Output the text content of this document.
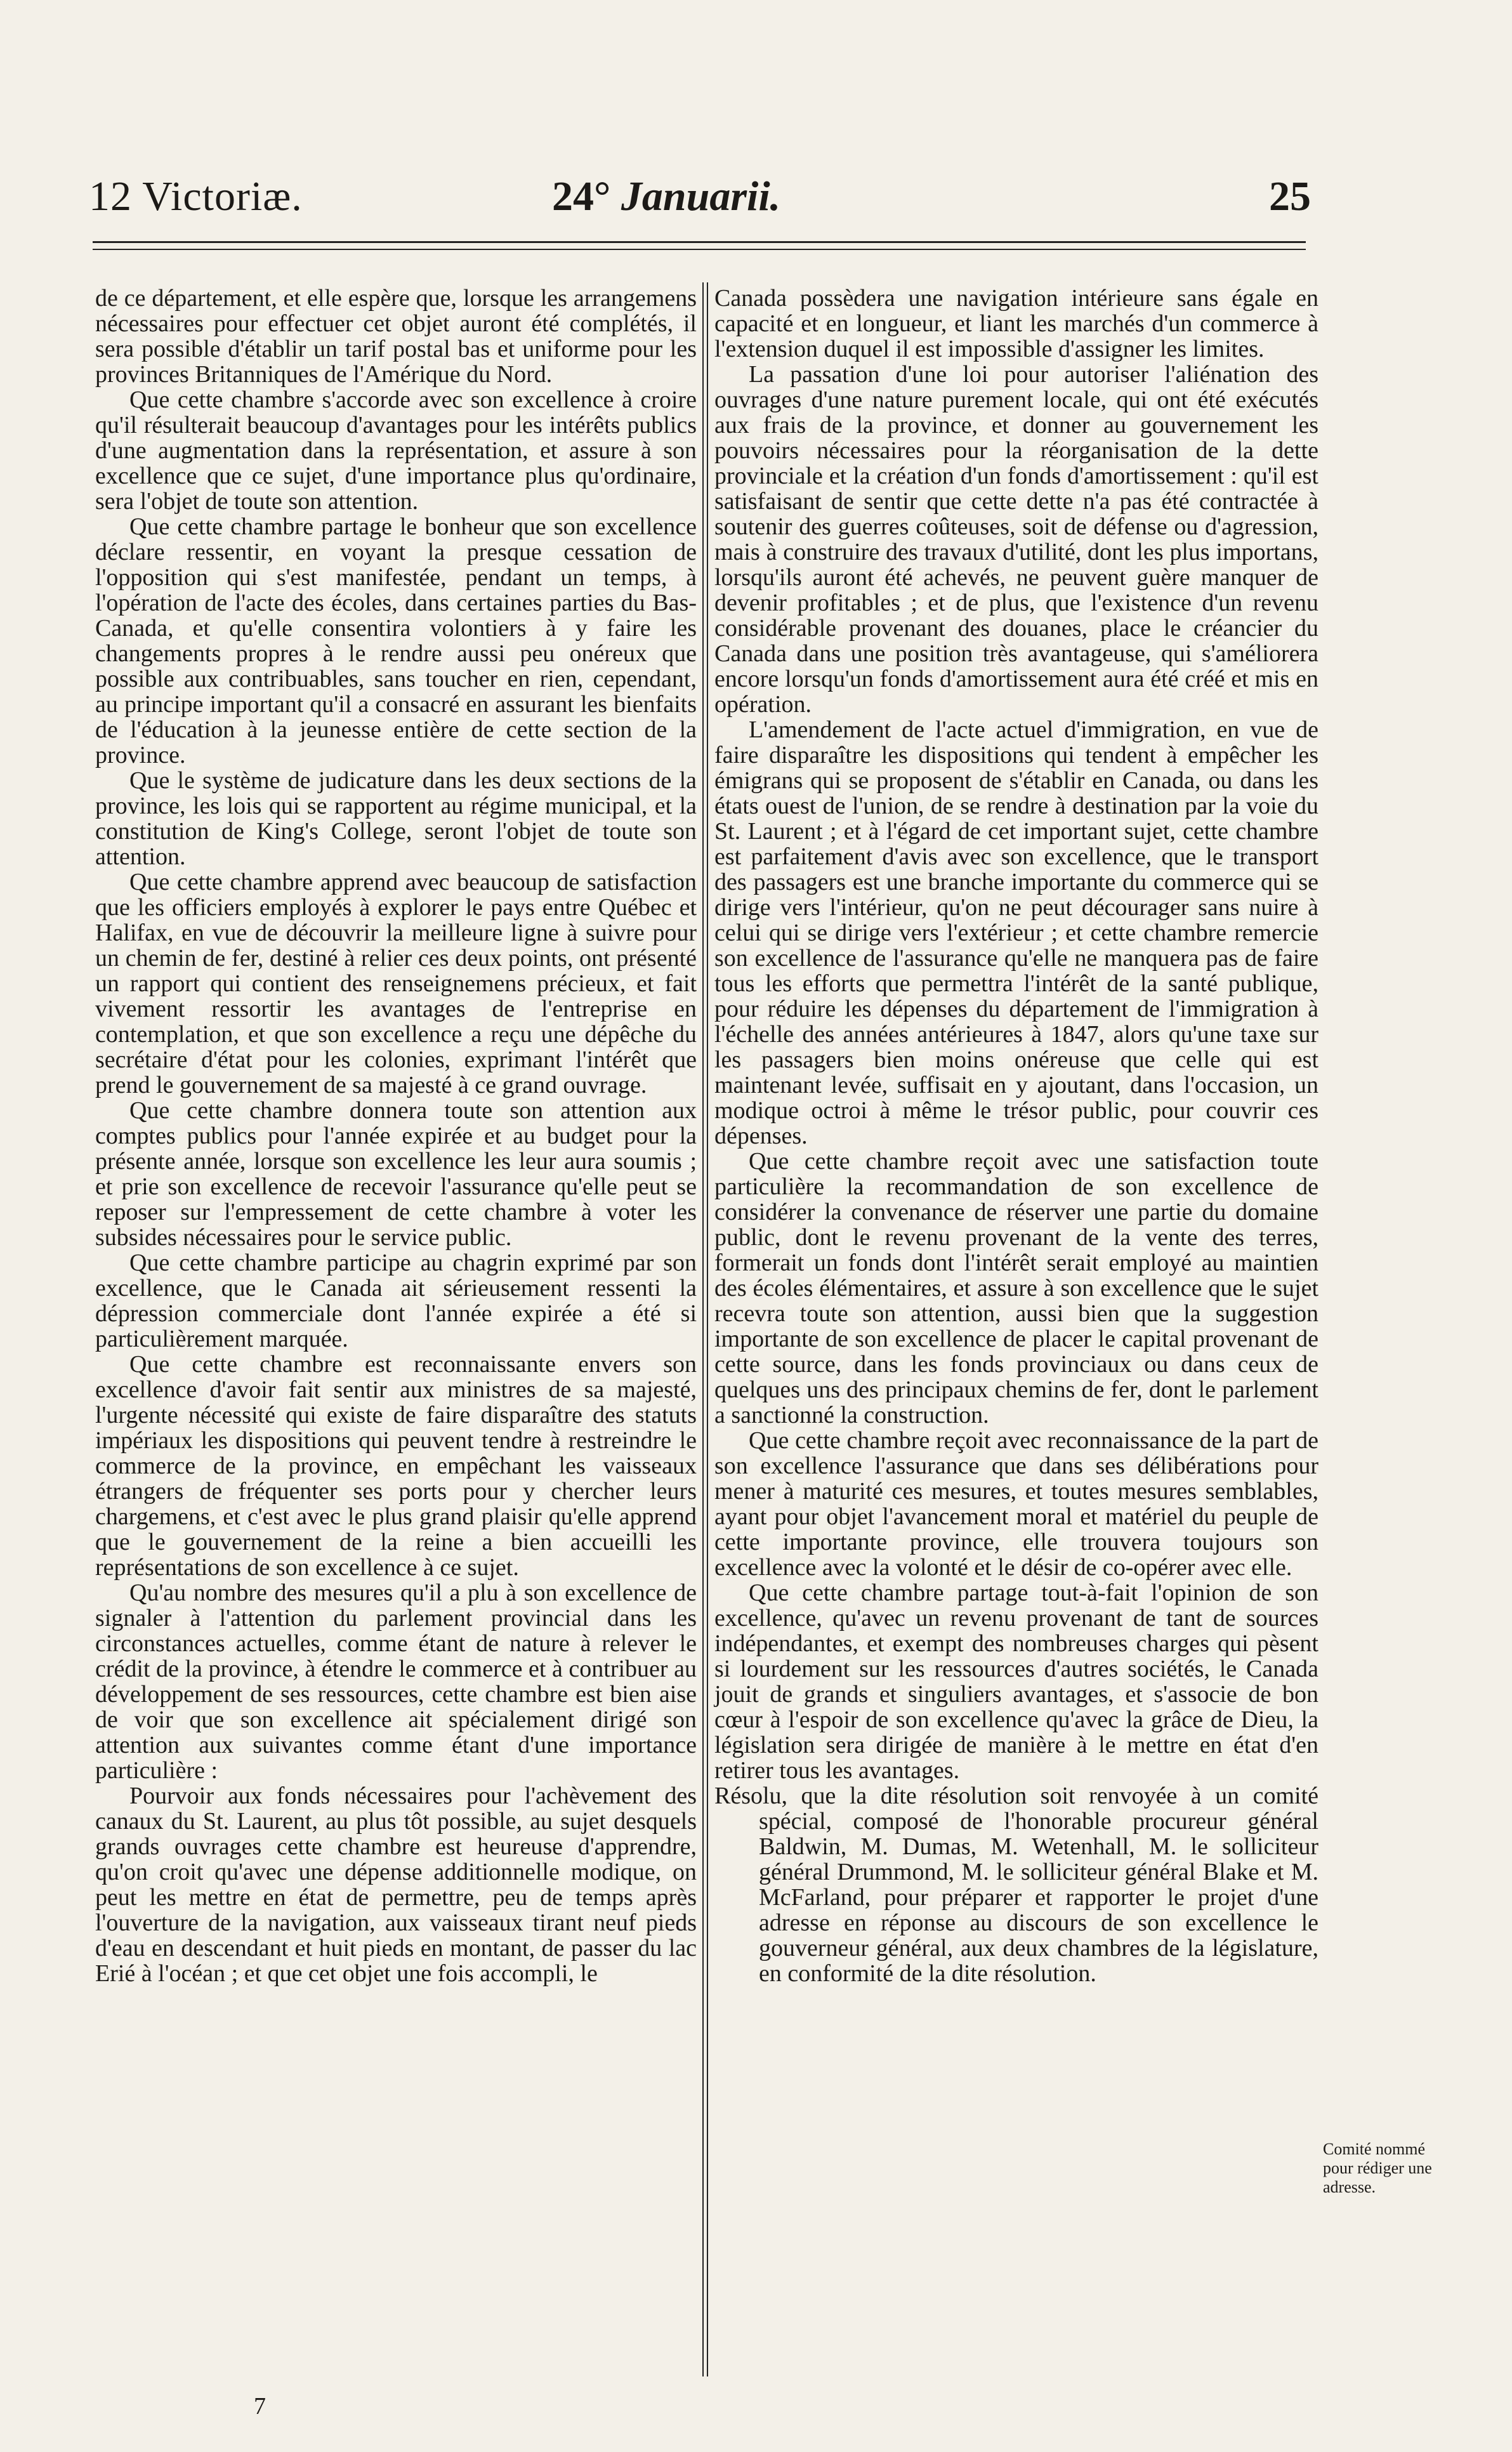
12 Victoriæ.	24° Januarii.	25

de ce département, et elle espère que, lorsque les arrangemens nécessaires pour effectuer cet objet auront été complétés, il sera possible d'établir un tarif postal bas et uniforme pour les provinces Britanniques de l'Amérique du Nord.

Que cette chambre s'accorde avec son excellence à croire qu'il résulterait beaucoup d'avantages pour les intérêts publics d'une augmentation dans la représentation, et assure à son excellence que ce sujet, d'une importance plus qu'ordinaire, sera l'objet de toute son attention.

Que cette chambre partage le bonheur que son excellence déclare ressentir, en voyant la presque cessation de l'opposition qui s'est manifestée, pendant un temps, à l'opération de l'acte des écoles, dans certaines parties du Bas-Canada, et qu'elle consentira volontiers à y faire les changements propres à le rendre aussi peu onéreux que possible aux contribuables, sans toucher en rien, cependant, au principe important qu'il a consacré en assurant les bienfaits de l'éducation à la jeunesse entière de cette section de la province.

Que le système de judicature dans les deux sections de la province, les lois qui se rapportent au régime municipal, et la constitution de King's College, seront l'objet de toute son attention.

Que cette chambre apprend avec beaucoup de satisfaction que les officiers employés à explorer le pays entre Québec et Halifax, en vue de découvrir la meilleure ligne à suivre pour un chemin de fer, destiné à relier ces deux points, ont présenté un rapport qui contient des renseignemens précieux, et fait vivement ressortir les avantages de l'entreprise en contemplation, et que son excellence a reçu une dépêche du secrétaire d'état pour les colonies, exprimant l'intérêt que prend le gouvernement de sa majesté à ce grand ouvrage.

Que cette chambre donnera toute son attention aux comptes publics pour l'année expirée et au budget pour la présente année, lorsque son excellence les leur aura soumis ; et prie son excellence de recevoir l'assurance qu'elle peut se reposer sur l'empressement de cette chambre à voter les subsides nécessaires pour le service public.

Que cette chambre participe au chagrin exprimé par son excellence, que le Canada ait sérieusement ressenti la dépression commerciale dont l'année expirée a été si particulièrement marquée.

Que cette chambre est reconnaissante envers son excellence d'avoir fait sentir aux ministres de sa majesté, l'urgente nécessité qui existe de faire disparaître des statuts impériaux les dispositions qui peuvent tendre à restreindre le commerce de la province, en empêchant les vaisseaux étrangers de fréquenter ses ports pour y chercher leurs chargemens, et c'est avec le plus grand plaisir qu'elle apprend que le gouvernement de la reine a bien accueilli les représentations de son excellence à ce sujet.

Qu'au nombre des mesures qu'il a plu à son excellence de signaler à l'attention du parlement provincial dans les circonstances actuelles, comme étant de nature à relever le crédit de la province, à étendre le commerce et à contribuer au développement de ses ressources, cette chambre est bien aise de voir que son excellence ait spécialement dirigé son attention aux suivantes comme étant d'une importance particulière :

Pourvoir aux fonds nécessaires pour l'achèvement des canaux du St. Laurent, au plus tôt possible, au sujet desquels grands ouvrages cette chambre est heureuse d'apprendre, qu'on croit qu'avec une dépense additionnelle modique, on peut les mettre en état de permettre, peu de temps après l'ouverture de la navigation, aux vaisseaux tirant neuf pieds d'eau en descendant et huit pieds en montant, de passer du lac Erié à l'océan ; et que cet objet une fois accompli, le

Canada possèdera une navigation intérieure sans égale en capacité et en longueur, et liant les marchés d'un commerce à l'extension duquel il est impossible d'assigner les limites.

La passation d'une loi pour autoriser l'aliénation des ouvrages d'une nature purement locale, qui ont été exécutés aux frais de la province, et donner au gouvernement les pouvoirs nécessaires pour la réorganisation de la dette provinciale et la création d'un fonds d'amortissement : qu'il est satisfaisant de sentir que cette dette n'a pas été contractée à soutenir des guerres coûteuses, soit de défense ou d'agression, mais à construire des travaux d'utilité, dont les plus importans, lorsqu'ils auront été achevés, ne peuvent guère manquer de devenir profitables ; et de plus, que l'existence d'un revenu considérable provenant des douanes, place le créancier du Canada dans une position très avantageuse, qui s'améliorera encore lorsqu'un fonds d'amortissement aura été créé et mis en opération.

L'amendement de l'acte actuel d'immigration, en vue de faire disparaître les dispositions qui tendent à empêcher les émigrans qui se proposent de s'établir en Canada, ou dans les états ouest de l'union, de se rendre à destination par la voie du St. Laurent ; et à l'égard de cet important sujet, cette chambre est parfaitement d'avis avec son excellence, que le transport des passagers est une branche importante du commerce qui se dirige vers l'intérieur, qu'on ne peut décourager sans nuire à celui qui se dirige vers l'extérieur ; et cette chambre remercie son excellence de l'assurance qu'elle ne manquera pas de faire tous les efforts que permettra l'intérêt de la santé publique, pour réduire les dépenses du département de l'immigration à l'échelle des années antérieures à 1847, alors qu'une taxe sur les passagers bien moins onéreuse que celle qui est maintenant levée, suffisait en y ajoutant, dans l'occasion, un modique octroi à même le trésor public, pour couvrir ces dépenses.

Que cette chambre reçoit avec une satisfaction toute particulière la recommandation de son excellence de considérer la convenance de réserver une partie du domaine public, dont le revenu provenant de la vente des terres, formerait un fonds dont l'intérêt serait employé au maintien des écoles élémentaires, et assure à son excellence que le sujet recevra toute son attention, aussi bien que la suggestion importante de son excellence de placer le capital provenant de cette source, dans les fonds provinciaux ou dans ceux de quelques uns des principaux chemins de fer, dont le parlement a sanctionné la construction.

Que cette chambre reçoit avec reconnaissance de la part de son excellence l'assurance que dans ses délibérations pour mener à maturité ces mesures, et toutes mesures semblables, ayant pour objet l'avancement moral et matériel du peuple de cette importante province, elle trouvera toujours son excellence avec la volonté et le désir de co-opérer avec elle.

Que cette chambre partage tout-à-fait l'opinion de son excellence, qu'avec un revenu provenant de tant de sources indépendantes, et exempt des nombreuses charges qui pèsent si lourdement sur les ressources d'autres sociétés, le Canada jouit de grands et singuliers avantages, et s'associe de bon cœur à l'espoir de son excellence qu'avec la grâce de Dieu, la législation sera dirigée de manière à le mettre en état d'en retirer tous les avantages.

Résolu, que la dite résolution soit renvoyée à un comité spécial, composé de l'honorable procureur général Baldwin, M. Dumas, M. Wetenhall, M. le solliciteur général Drummond, M. le solliciteur général Blake et M. McFarland, pour préparer et rapporter le projet d'une adresse en réponse au discours de son excellence le gouverneur général, aux deux chambres de la législature, en conformité de la dite résolution.

Comité nommé pour rédiger une adresse.
7
